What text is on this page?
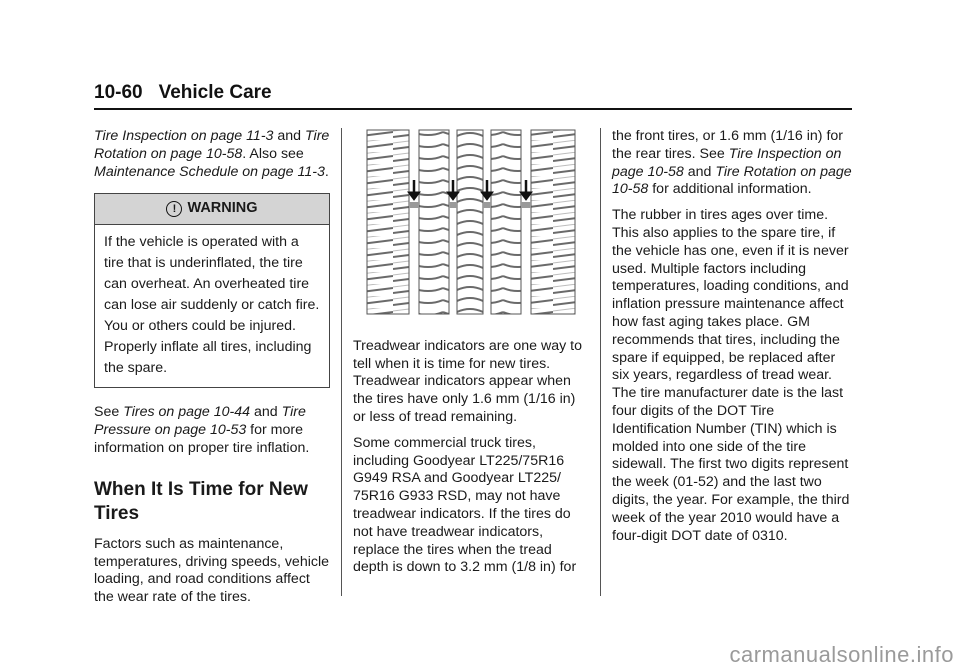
10-60 Vehicle Care

Tire Inspection on page 11-3 and Tire Rotation on page 10-58. Also see Maintenance Schedule on page 11-3.

! WARNING
If the vehicle is operated with a tire that is underinflated, the tire can overheat. An overheated tire can lose air suddenly or catch fire. You or others could be injured. Properly inflate all tires, including the spare.

See Tires on page 10-44 and Tire Pressure on page 10-53 for more information on proper tire inflation.

When It Is Time for New Tires

Factors such as maintenance, temperatures, driving speeds, vehicle loading, and road conditions affect the wear rate of the tires.

Treadwear indicators are one way to tell when it is time for new tires. Treadwear indicators appear when the tires have only 1.6 mm (1/16 in) or less of tread remaining.

Some commercial truck tires, including Goodyear LT225/75R16 G949 RSA and Goodyear LT225/ 75R16 G933 RSD, may not have treadwear indicators. If the tires do not have treadwear indicators, replace the tires when the tread depth is down to 3.2 mm (1/8 in) for

the front tires, or 1.6 mm (1/16 in) for the rear tires. See Tire Inspection on page 10-58 and Tire Rotation on page 10-58 for additional information.

The rubber in tires ages over time. This also applies to the spare tire, if the vehicle has one, even if it is never used. Multiple factors including temperatures, loading conditions, and inflation pressure maintenance affect how fast aging takes place. GM recommends that tires, including the spare if equipped, be replaced after six years, regardless of tread wear. The tire manufacturer date is the last four digits of the DOT Tire Identification Number (TIN) which is molded into one side of the tire sidewall. The first two digits represent the week (01-52) and the last two digits, the year. For example, the third week of the year 2010 would have a four-digit DOT date of 0310.

carmanualsonline.info
